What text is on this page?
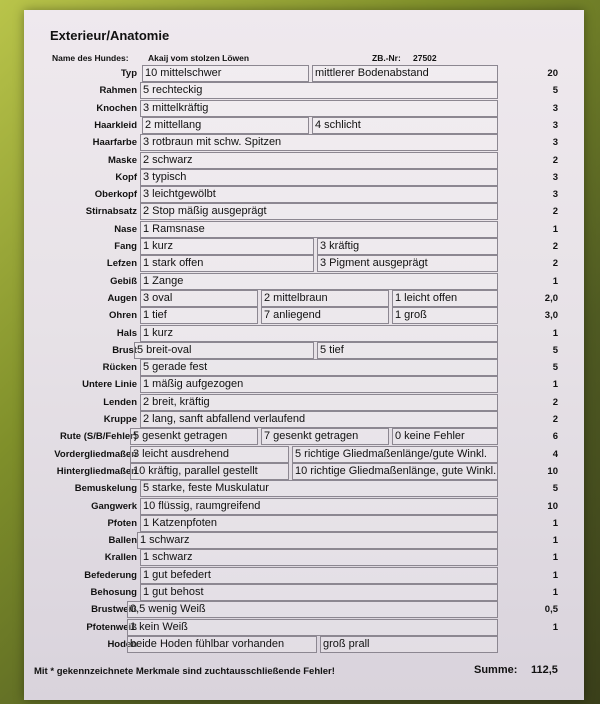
Exterieur/Anatomie
Name des Hundes: Akaij vom stolzen Löwen	ZB.-Nr: 27502
Typ 10 mittelschwer	mittlerer Bodenabstand	20
Rahmen 5 rechteckig	5
Knochen 3 mittelkräftig	3
Haarkleid 2 mittellang	4 schlicht	3
Haarfarbe 3 rotbraun mit schw. Spitzen	3
Maske 2 schwarz	2
Kopf 3 typisch	3
Oberkopf 3 leichtgewölbt	3
Stirnabsatz 2 Stop mäßig ausgeprägt	2
Nase 1 Ramsnase	1
Fang 1 kurz	3 kräftig	2
Lefzen 1 stark offen	3 Pigment ausgeprägt	2
Gebiß 1 Zange	1
Augen 3 oval	2 mittelbraun	1 leicht offen	2,0
Ohren 1 tief	7 anliegend	1 groß	3,0
Hals 1 kurz	1
Brust 5 breit-oval	5 tief	5
Rücken 5 gerade fest	5
Untere Linie 1 mäßig aufgezogen	1
Lenden 2 breit, kräftig	2
Kruppe 2 lang, sanft abfallend verlaufend	2
Rute (S/B/Fehler)
5 gesenkt getragen	7 gesenkt getragen	0 keine Fehler	6
Vordergliedmaßen
3 leicht ausdrehend	5 richtige Gliedmaßenlänge/gute Winkl.	4
Hintergliedmaßen
10 kräftig, parallel gestellt	10 richtige Gliedmaßenlänge, gute Winkl.	10
Bemuskelung 5 starke, feste Muskulatur	5
Gangwerk 10 flüssig, raumgreifend	10
Pfoten 1 Katzenpfoten	1
Ballen 1 schwarz	1
Krallen 1 schwarz	1
Befederung 1 gut befedert	1
Behosung 1 gut behost	1
Brustweiß
0,5 wenig Weiß	0,5
Pfotenweiß
1 kein Weiß	1
Hoden
beide Hoden fühlbar vorhanden	groß prall
Mit * gekennzeichnete Merkmale sind zuchtausschließende Fehler!	Summe: 112,5
